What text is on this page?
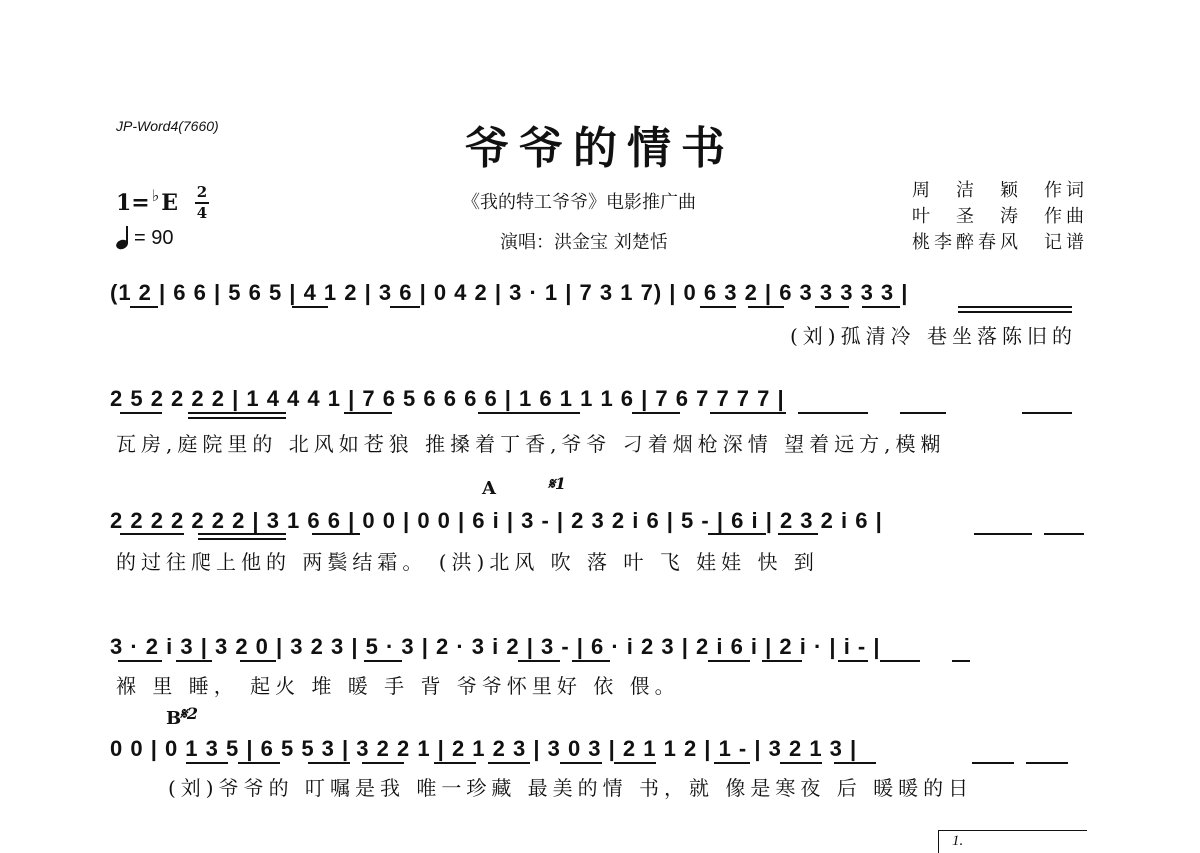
JP-Word4(7660)	爷爷的情书
《我的特工爷爷》电影推广曲
演唱：洪金宝 刘楚恬
1= ♭ E 2
4
= 90
周　洁　颖　作词
叶　圣　涛　作曲
桃李醉春风　记谱
(1 2 | 6 6 | 5 6 5 | 4 1 2 | 3 6 | 0 4 2 | 3 · 1 | 7 3 1 7) | 0 6 3 2 | 6 3 3 3 3 3 |
(刘)孤清冷 巷坐落陈旧的
2 5 2 2 2 2 | 1 4 4 4 1 | 7 6 5 6 6 6 6 | 1 6 1 1 1 6 | 7 6 7 7 7 7 |
瓦房,庭院里的 北风如苍狼 推搡着丁香,爷爷 刁着烟枪深情 望着远方,模糊
A	𝄋1
2 2 2 2 2 2 2 | 3 1 6 6 | 0 0 | 0 0 | 6 i | 3 - | 2 3 2 i 6 | 5 - | 6 i | 2 3 2 i 6 |
的过往爬上他的 两鬓结霜。 (洪)北风 吹 落 叶 飞 娃娃 快 到
3 · 2 i 3 | 3 2 0 | 3 2 3 | 5 · 3 | 2 · 3 i 2 | 3 - | 6 · i 2 3 | 2 i 6 i | 2 i · | i - |
褓 里 睡， 起火 堆 暖 手 背 爷爷怀里好 依 偎。
B
𝄋2
0 0 | 0 1 3 5 | 6 5 5 3 | 3 2 2 1 | 2 1 2 3 | 3 0 3 | 2 1 1 2 | 1 - | 3 2 1 3 |
(刘)爷爷的 叮嘱是我 唯一珍藏 最美的情 书，就 像是寒夜 后 暖暖的日
1.
